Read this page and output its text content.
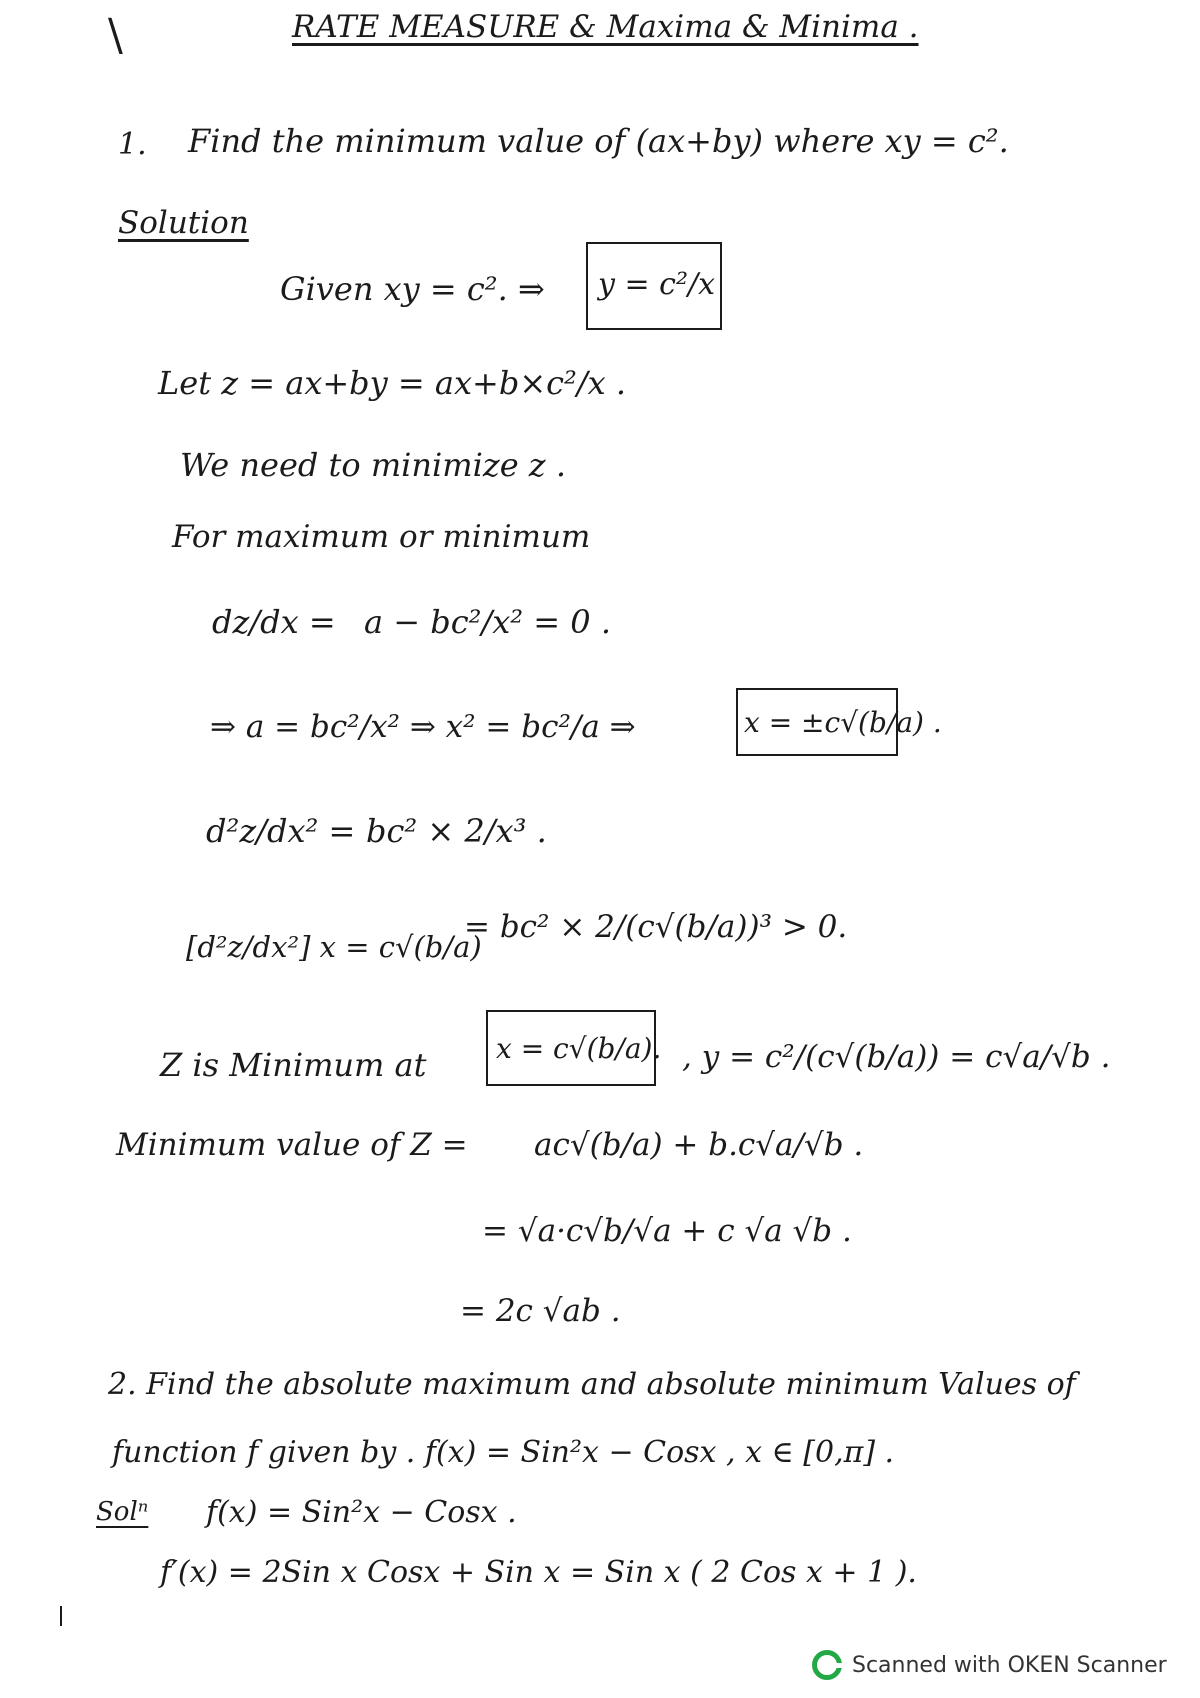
\	RATE MEASURE & Maxima & Minima .
1. Find the minimum value of (ax+by) where xy = c².
Solution
Given xy = c². ⇒ y = c²/x
Let z = ax+by = ax+b×c²/x .
We need to minimize z .
For maximum or minimum
dz/dx = a − bc²/x² = 0 .
⇒ a = bc²/x² ⇒ x² = bc²/a ⇒	x = ±c√(b/a) .
d²z/dx² = bc² × 2/x³ .
[d²z/dx²] x = c√(b/a)
= bc² × 2/(c√(b/a))³ > 0.
Z is Minimum at x = c√(b/a). , y = c²/(c√(b/a)) = c√a/√b .
Minimum value of Z = ac√(b/a) + b.c√a/√b .
= √a·c√b/√a + c √a √b .
= 2c √ab .
2. Find the absolute maximum and absolute minimum Values of
function f given by . f(x) = Sin²x − Cosx , x ∈ [0,π] .
Solⁿ f(x) = Sin²x − Cosx .
f′(x) = 2Sin x Cosx + Sin x = Sin x ( 2 Cos x + 1 ).
Scanned with OKEN Scanner
